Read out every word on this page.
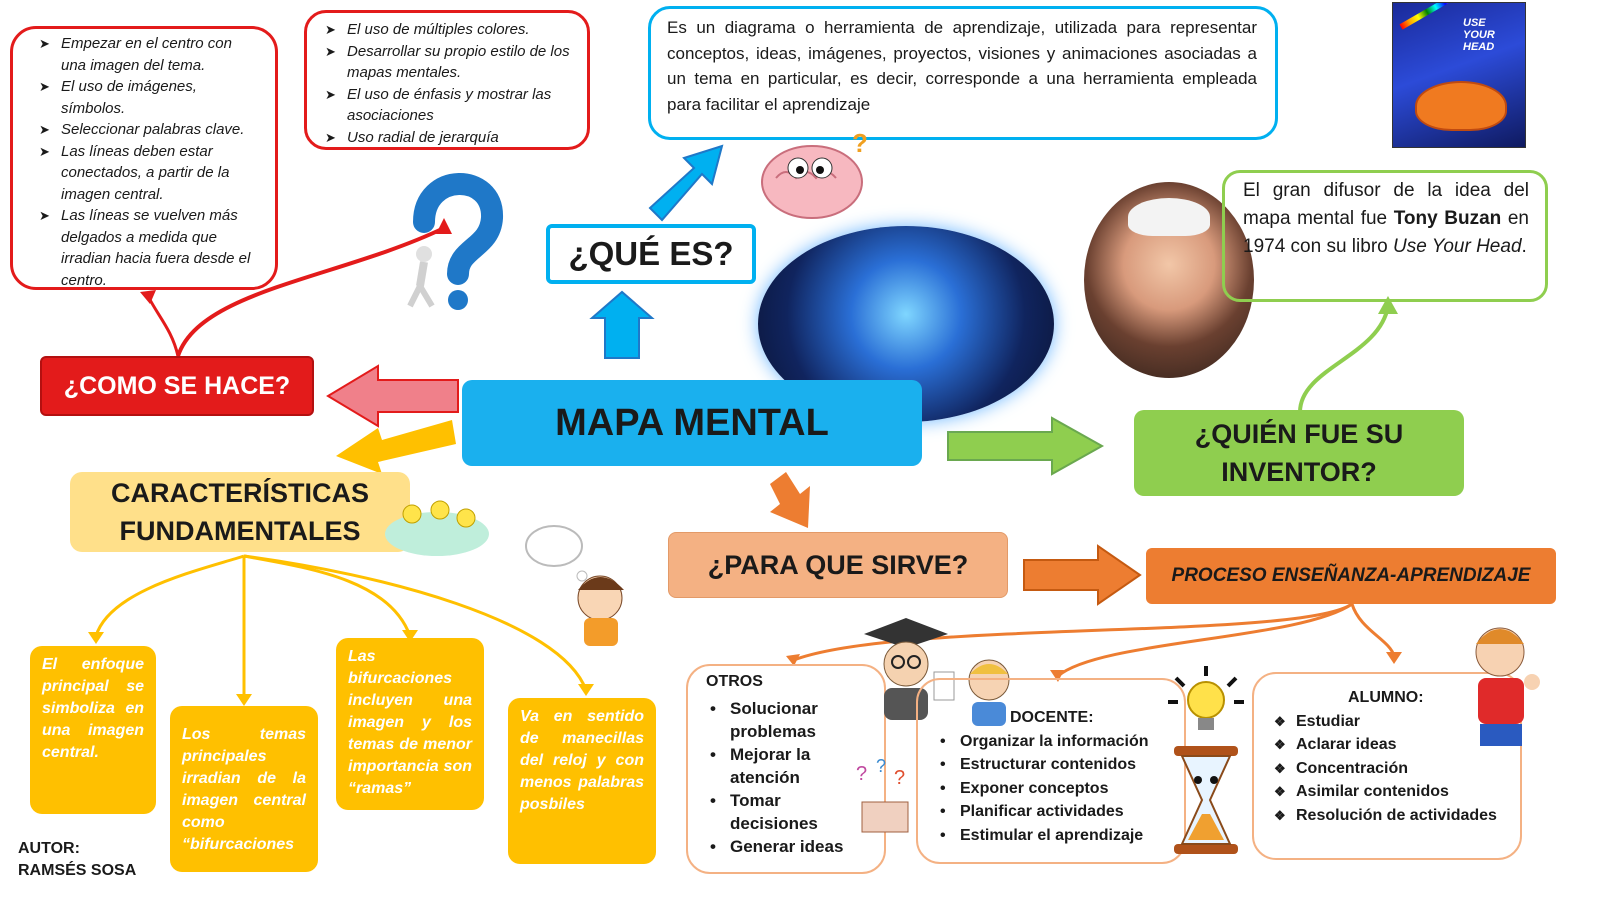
MAPA MENTAL
¿COMO SE HACE?
➤ Empezar en el centro con una imagen del tema.
➤ El uso de imágenes, símbolos.
➤ Seleccionar palabras clave.
➤ Las líneas deben estar conectados, a partir de la imagen central.
➤ Las líneas se vuelven más delgados a medida que irradian hacia fuera desde el centro.
➤ El uso de múltiples colores.
➤ Desarrollar su propio estilo de los mapas mentales.
➤ El uso de énfasis y mostrar las asociaciones
➤ Uso radial de jerarquía
¿QUÉ ES?
Es un diagrama o herramienta de aprendizaje, utilizada para representar conceptos, ideas, imágenes, proyectos, visiones y animaciones asociadas a un tema en particular, es decir, corresponde a una herramienta empleada para facilitar el aprendizaje
?
USE
YOUR
HEAD
El gran difusor de la idea del mapa mental fue Tony Buzan en 1974 con su libro Use Your Head.
¿QUIÉN FUE SU INVENTOR?
CARACTERÍSTICAS FUNDAMENTALES
El enfoque principal se simboliza en una imagen central.
Los temas principales irradian de la imagen central como “bifurcaciones
Las bifurcaciones incluyen una imagen y los temas de menor importancia son “ramas”
Va en sentido de manecillas del reloj y con menos palabras posbiles
¿PARA QUE SIRVE?	PROCESO ENSEÑANZA-APRENDIZAJE
OTROS
• Solucionar problemas
• Mejorar la atención
• Tomar decisiones
• Generar ideas
? ?
?
DOCENTE:
• Organizar la información
• Estructurar contenidos
• Exponer conceptos
• Planificar actividades
• Estimular el aprendizaje
ALUMNO:
❖ Estudiar
❖ Aclarar ideas
❖ Concentración
❖ Asimilar contenidos
❖ Resolución de actividades
AUTOR:
RAMSÉS SOSA
